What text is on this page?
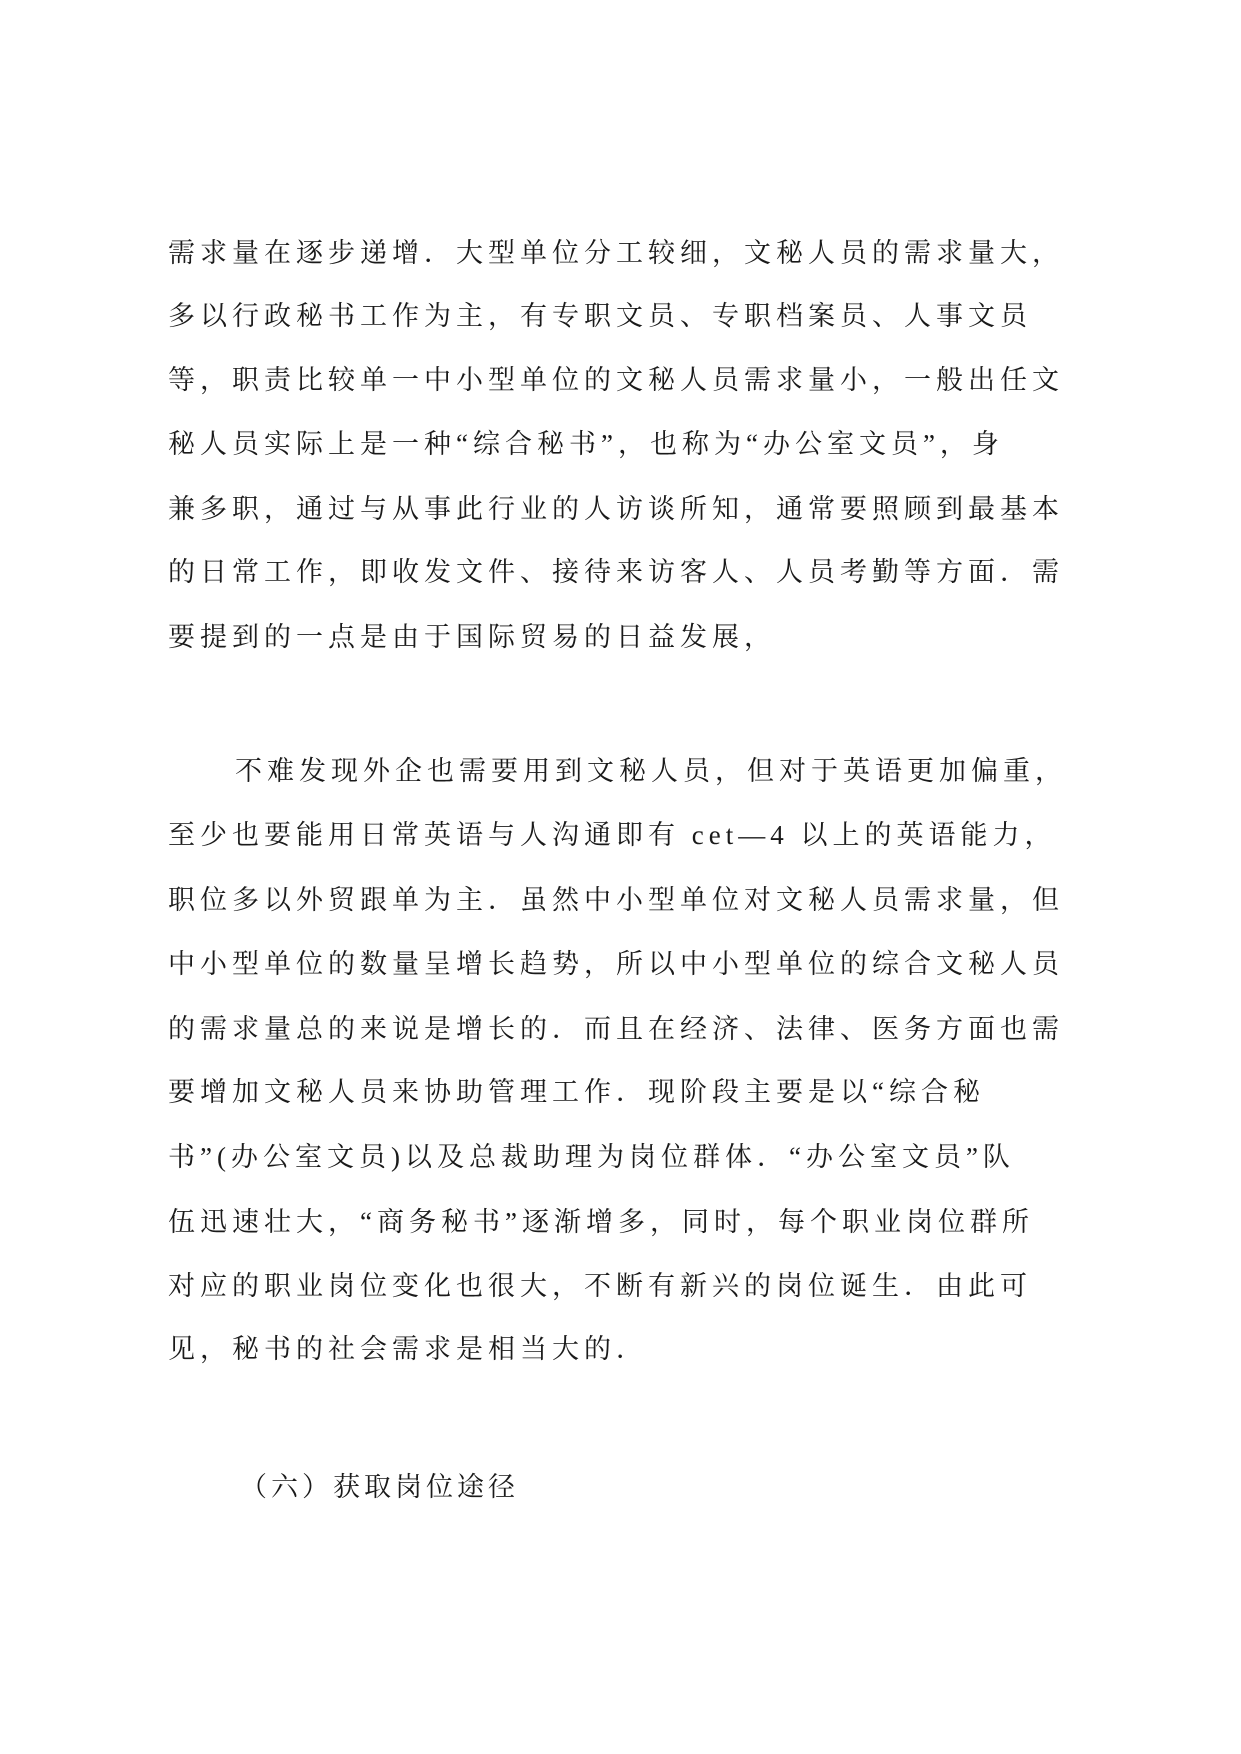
需求量在逐步递增．大型单位分工较细，文秘人员的需求量大，
多以行政秘书工作为主，有专职文员、专职档案员、人事文员
等，职责比较单一中小型单位的文秘人员需求量小，一般出任文
秘人员实际上是一种“综合秘书”，也称为“办公室文员”，身
兼多职，通过与从事此行业的人访谈所知，通常要照顾到最基本
的日常工作，即收发文件、接待来访客人、人员考勤等方面．需
要提到的一点是由于国际贸易的日益发展，
不难发现外企也需要用到文秘人员，但对于英语更加偏重，
至少也要能用日常英语与人沟通即有 cet—4 以上的英语能力，
职位多以外贸跟单为主．虽然中小型单位对文秘人员需求量，但
中小型单位的数量呈增长趋势，所以中小型单位的综合文秘人员
的需求量总的来说是增长的．而且在经济、法律、医务方面也需
要增加文秘人员来协助管理工作．现阶段主要是以“综合秘
书”(办公室文员)以及总裁助理为岗位群体．“办公室文员”队
伍迅速壮大，“商务秘书”逐渐增多，同时，每个职业岗位群所
对应的职业岗位变化也很大，不断有新兴的岗位诞生．由此可
见，秘书的社会需求是相当大的．
（六）获取岗位途径
